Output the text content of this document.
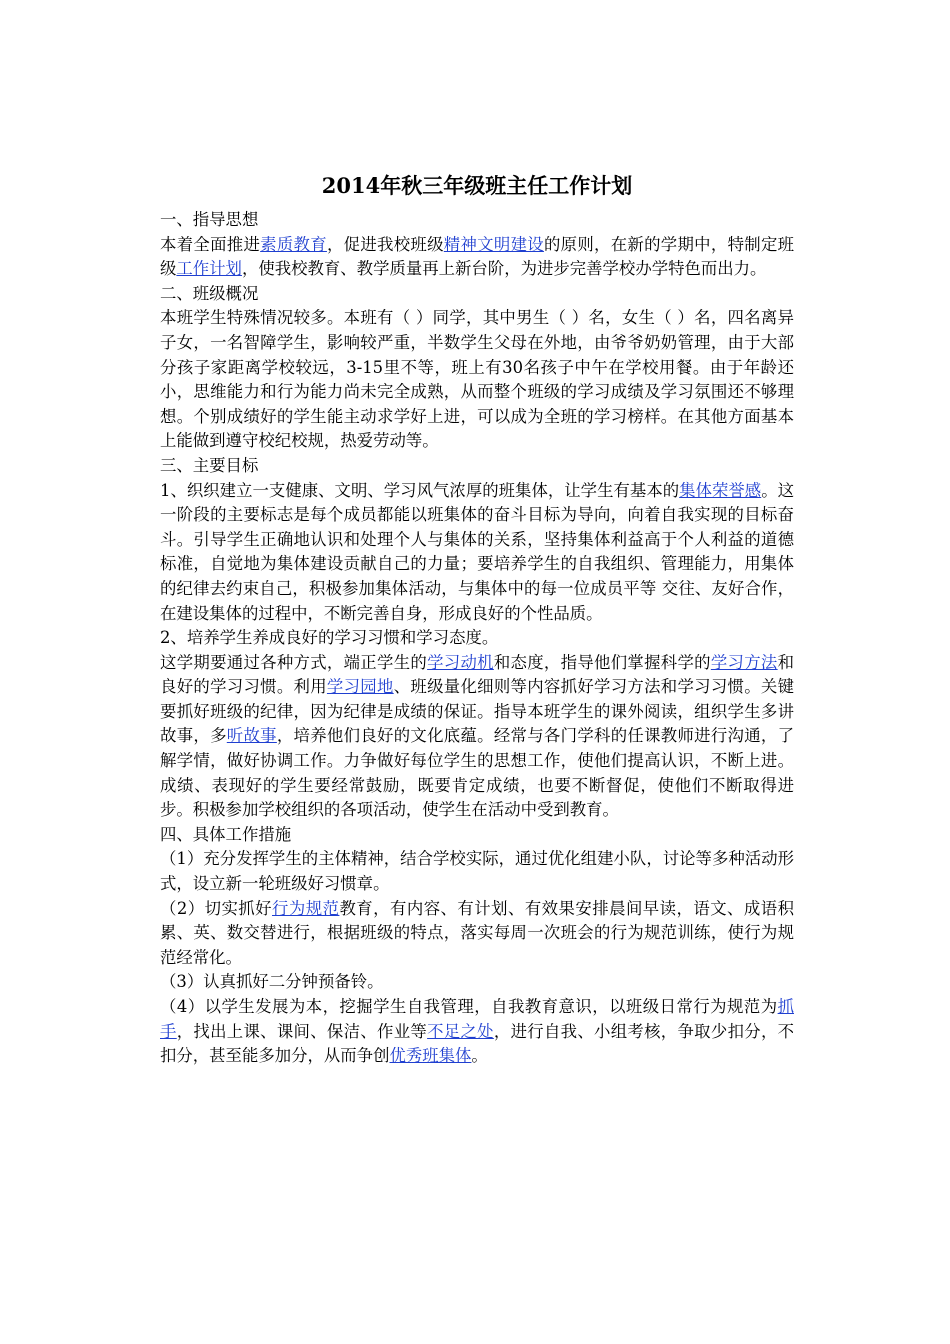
2014年秋三年级班主任工作计划

一、指导思想

本着全面推进素质教育，促进我校班级精神文明建设的原则，在新的学期中，特制定班级工作计划，使我校教育、教学质量再上新台阶，为进步完善学校办学特色而出力。

二、班级概况

本班学生特殊情况较多。本班有（ ）同学，其中男生（ ）名，女生（ ）名，四名离异子女，一名智障学生，影响较严重，半数学生父母在外地，由爷爷奶奶管理，由于大部分孩子家距离学校较远，3-15里不等，班上有30名孩子中午在学校用餐。由于年龄还小，思维能力和行为能力尚未完全成熟，从而整个班级的学习成绩及学习氛围还不够理想。个别成绩好的学生能主动求学好上进，可以成为全班的学习榜样。在其他方面基本上能做到遵守校纪校规，热爱劳动等。

三、主要目标

1、织织建立一支健康、文明、学习风气浓厚的班集体，让学生有基本的集体荣誉感。这一阶段的主要标志是每个成员都能以班集体的奋斗目标为导向，向着自我实现的目标奋斗。引导学生正确地认识和处理个人与集体的关系，坚持集体利益高于个人利益的道德标准，自觉地为集体建设贡献自己的力量；要培养学生的自我组织、管理能力，用集体的纪律去约束自己，积极参加集体活动，与集体中的每一位成员平等 交往、友好合作，在建设集体的过程中，不断完善自身，形成良好的个性品质。

2、培养学生养成良好的学习习惯和学习态度。

这学期要通过各种方式，端正学生的学习动机和态度，指导他们掌握科学的学习方法和良好的学习习惯。利用学习园地、班级量化细则等内容抓好学习方法和学习习惯。关键要抓好班级的纪律，因为纪律是成绩的保证。指导本班学生的课外阅读，组织学生多讲故事，多听故事，培养他们良好的文化底蕴。经常与各门学科的任课教师进行沟通，了解学情，做好协调工作。力争做好每位学生的思想工作，使他们提高认识，不断上进。成绩、表现好的学生要经常鼓励，既要肯定成绩，也要不断督促，使他们不断取得进步。积极参加学校组织的各项活动，使学生在活动中受到教育。

四、具体工作措施

（1）充分发挥学生的主体精神，结合学校实际，通过优化组建小队，讨论等多种活动形式，设立新一轮班级好习惯章。

（2）切实抓好行为规范教育，有内容、有计划、有效果安排晨间早读，语文、成语积累、英、数交替进行，根据班级的特点，落实每周一次班会的行为规范训练，使行为规范经常化。

（3）认真抓好二分钟预备铃。

（4）以学生发展为本，挖掘学生自我管理，自我教育意识，以班级日常行为规范为抓手，找出上课、课间、保洁、作业等不足之处，进行自我、小组考核，争取少扣分，不扣分，甚至能多加分，从而争创优秀班集体。
